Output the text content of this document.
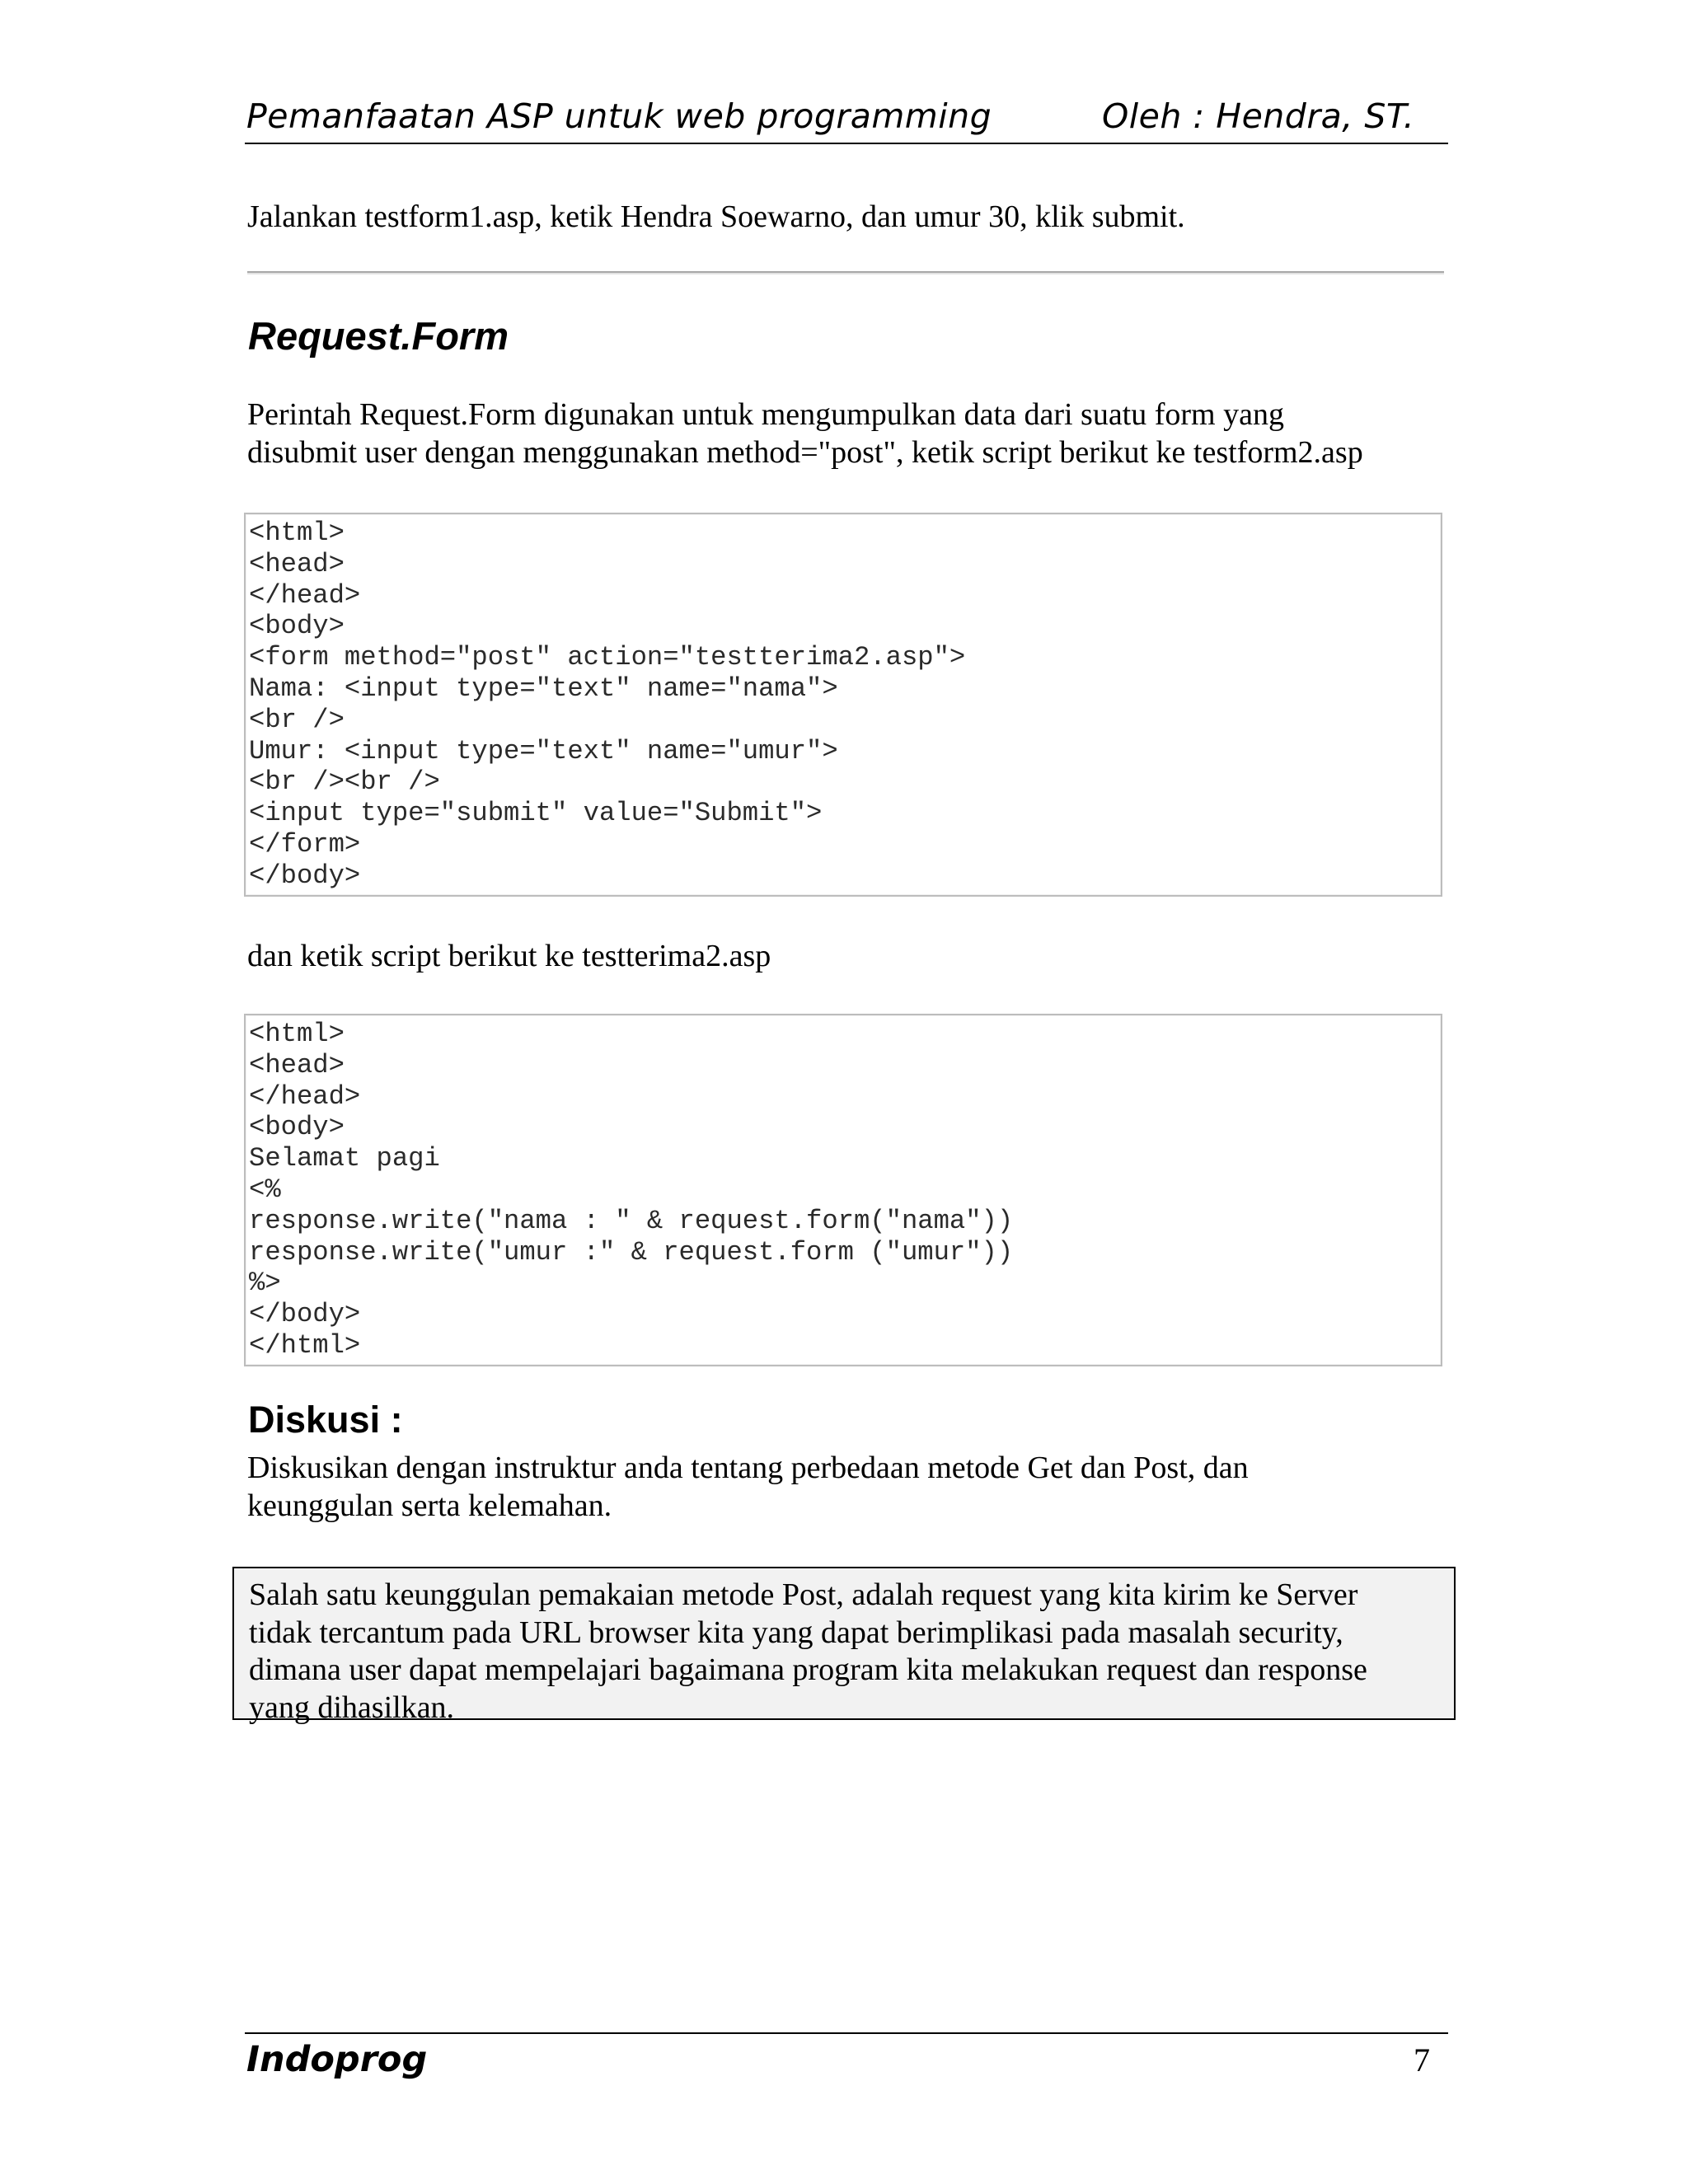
Pemanfaatan ASP untuk web programming	Oleh : Hendra, ST.
Jalankan testform1.asp, ketik Hendra Soewarno, dan umur 30, klik submit.
Request.Form
Perintah Request.Form digunakan untuk mengumpulkan data dari suatu form yang
disubmit user dengan menggunakan method="post", ketik script berikut ke testform2.asp
<html>
<head>
</head>
<body>
<form method="post" action="testterima2.asp">
Nama: <input type="text" name="nama">
<br />
Umur: <input type="text" name="umur">
<br /><br />
<input type="submit" value="Submit">
</form>
</body>
dan ketik script berikut ke testterima2.asp
<html>
<head>
</head>
<body>
Selamat pagi
<%
response.write("nama : " & request.form("nama"))
response.write("umur :" & request.form ("umur"))
%>
</body>
</html>
Diskusi :
Diskusikan dengan instruktur anda tentang perbedaan metode Get dan Post, dan
keunggulan serta kelemahan.
Salah satu keunggulan pemakaian metode Post, adalah request yang kita kirim ke Server
tidak tercantum pada URL browser kita yang dapat berimplikasi pada masalah security,
dimana user dapat mempelajari bagaimana program kita melakukan request dan response
yang dihasilkan.
Indoprog	7
